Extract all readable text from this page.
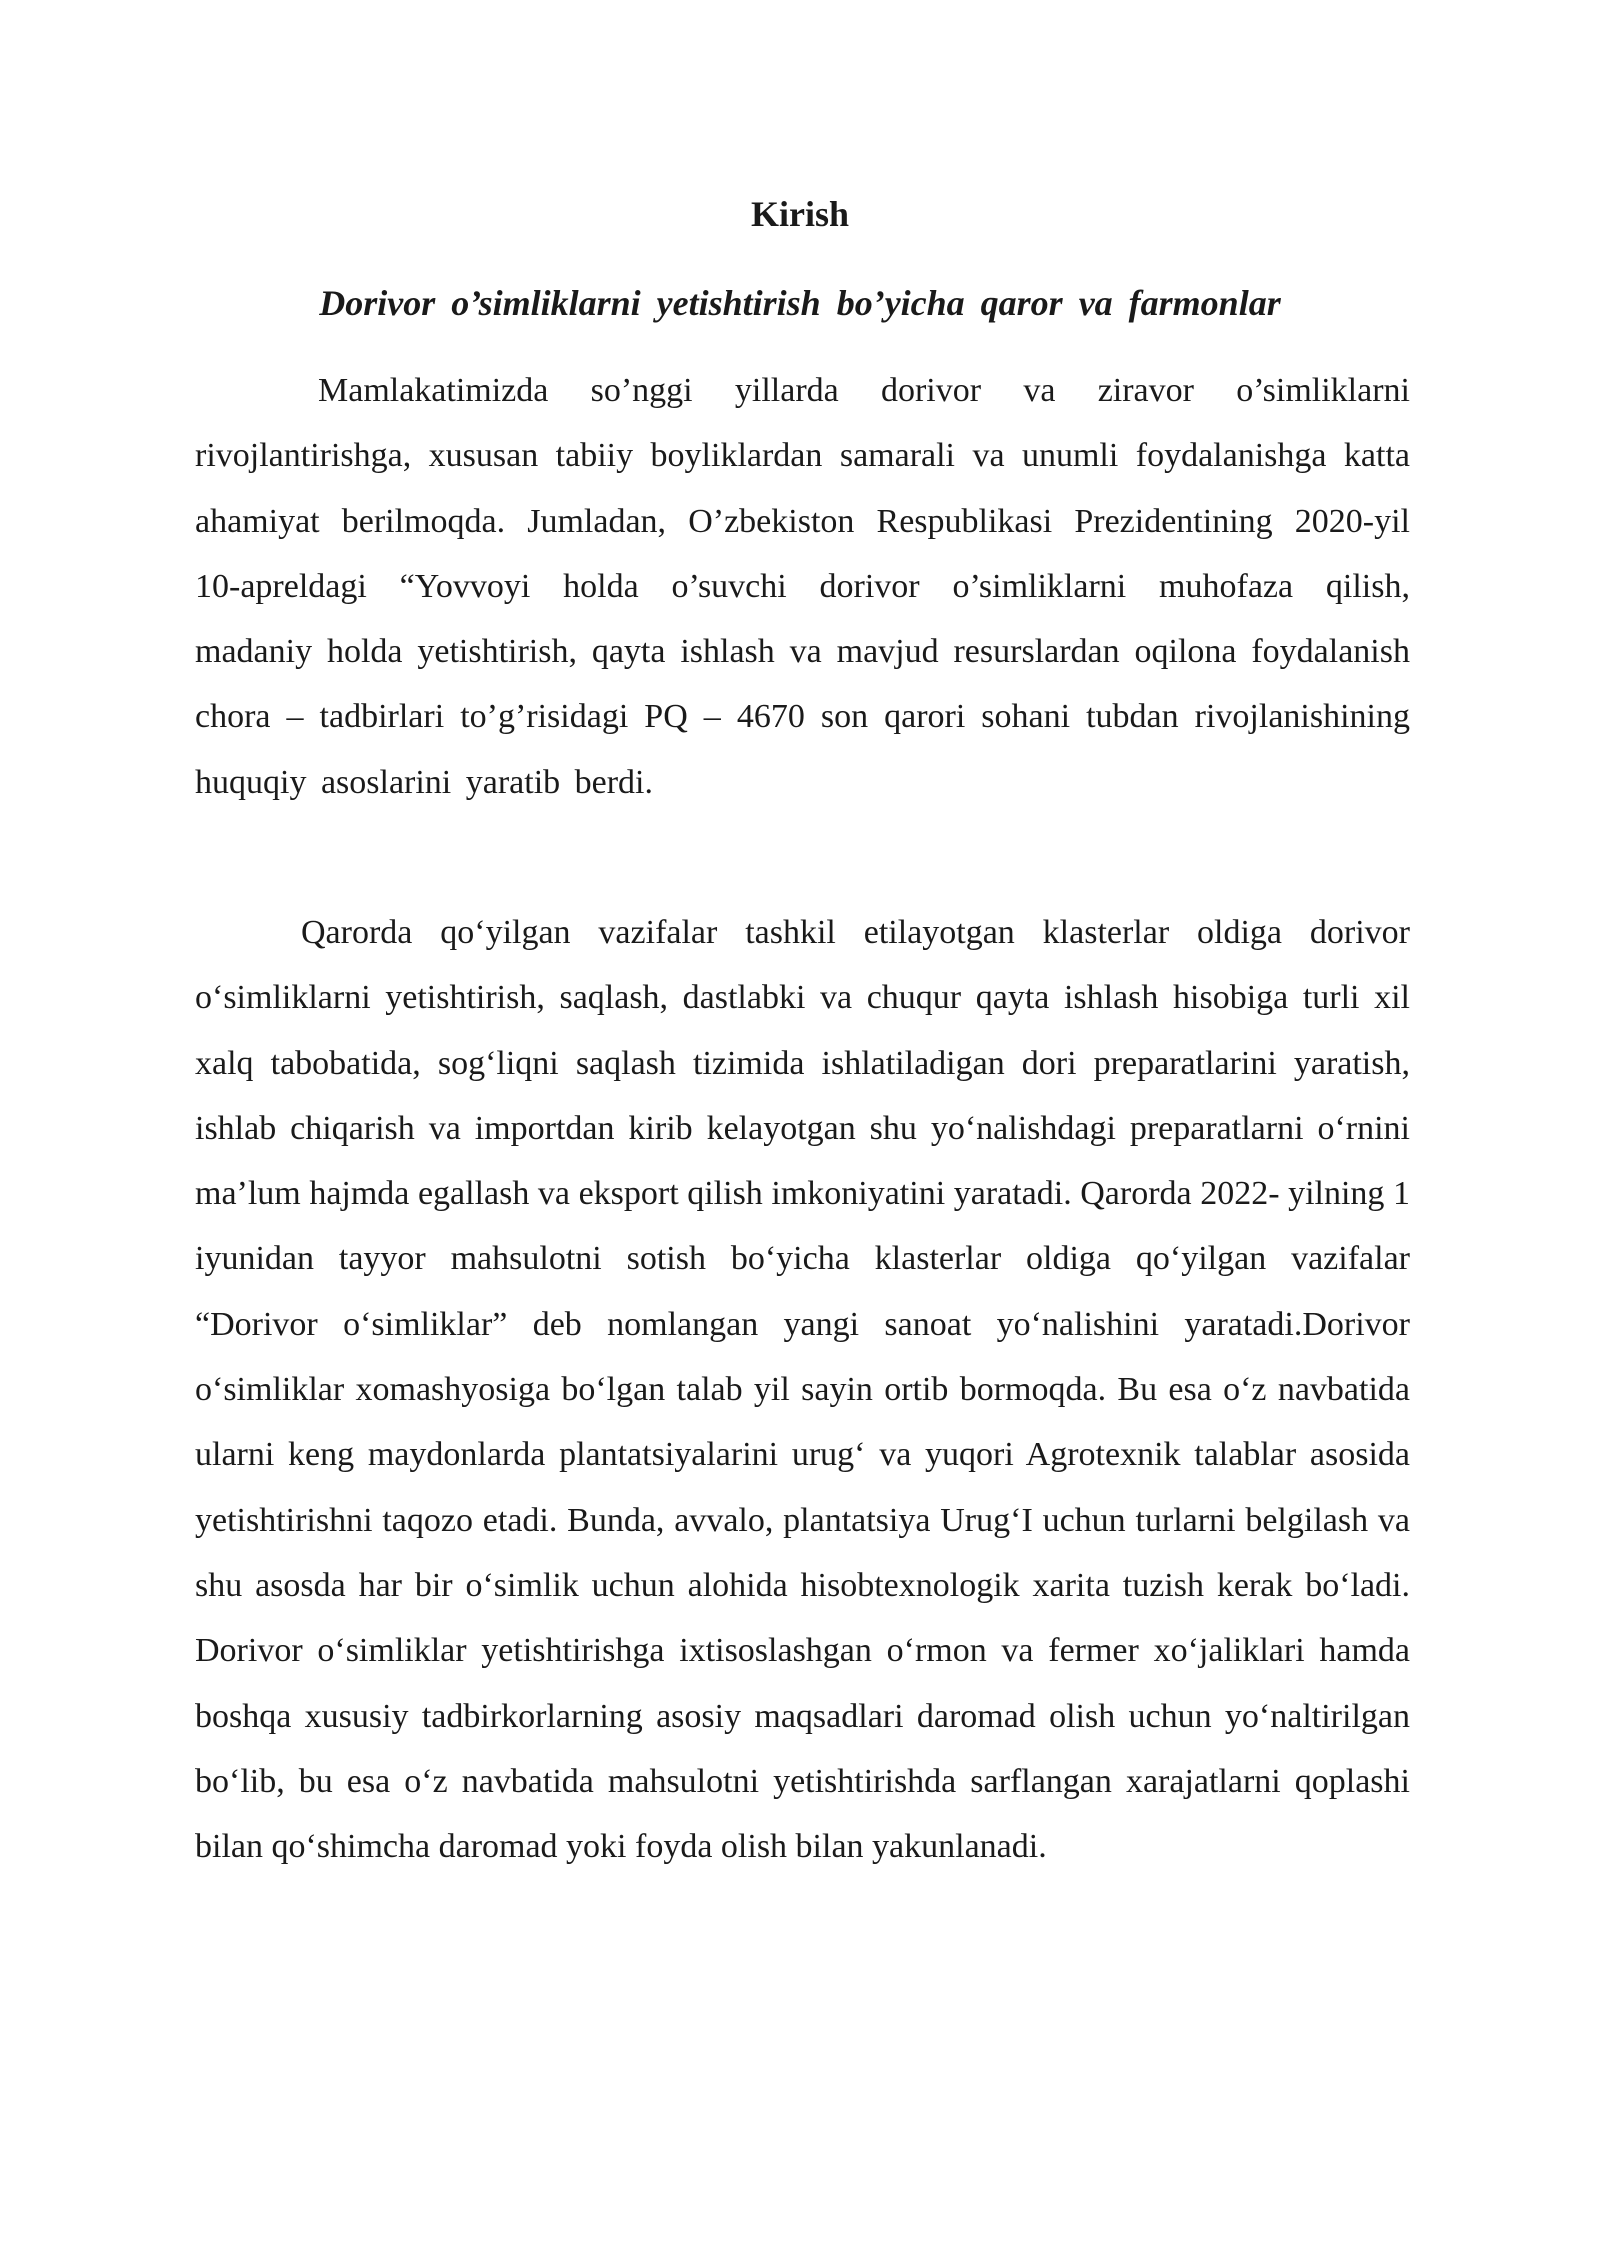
Kirish
Dorivor o’simliklarni yetishtirish bo’yicha qaror va farmonlar

Mamlakatimizda so’nggi yillarda dorivor va ziravor o’simliklarni rivojlantirishga, xususan tabiiy boyliklardan samarali va unumli foydalanishga katta ahamiyat berilmoqda. Jumladan, O’zbekiston Respublikasi Prezidentining 2020-yil 10-apreldagi “Yovvoyi holda o’suvchi dorivor o’simliklarni muhofaza qilish, madaniy holda yetishtirish, qayta ishlash va mavjud resurslardan oqilona foydalanish chora – tadbirlari to’g’risidagi PQ – 4670 son qarori sohani tubdan rivojlanishining huquqiy asoslarini yaratib berdi.

Qarorda qo‘yilgan vazifalar tashkil etilayotgan klasterlar oldiga dorivor o‘simliklarni yetishtirish, saqlash, dastlabki va chuqur qayta ishlash hisobiga turli xil xalq tabobatida, sog‘liqni saqlash tizimida ishlatiladigan dori preparatlarini yaratish, ishlab chiqarish va importdan kirib kelayotgan shu yo‘nalishdagi preparatlarni o‘rnini ma’lum hajmda egallash va eksport qilish imkoniyatini yaratadi. Qarorda 2022- yilning 1 iyunidan tayyor mahsulotni sotish bo‘yicha klasterlar oldiga qo‘yilgan vazifalar “Dorivor o‘simliklar” deb nomlangan yangi sanoat yo‘nalishini yaratadi.Dorivor o‘simliklar xomashyosiga bo‘lgan talab yil sayin ortib bormoqda. Bu esa o‘z navbatida ularni keng maydonlarda plantatsiyalarini urug‘ va yuqori Agrotexnik talablar asosida yetishtirishni taqozo etadi. Bunda, avvalo, plantatsiya Urug‘I uchun turlarni belgilash va shu asosda har bir o‘simlik uchun alohida hisobtexnologik xarita tuzish kerak bo‘ladi. Dorivor o‘simliklar yetishtirishga ixtisoslashgan o‘rmon va fermer xo‘jaliklari hamda boshqa xususiy tadbirkorlarning asosiy maqsadlari daromad olish uchun yo‘naltirilgan bo‘lib, bu esa o‘z navbatida mahsulotni yetishtirishda sarflangan xarajatlarni qoplashi bilan qo‘shimcha daromad yoki foyda olish bilan yakunlanadi.
